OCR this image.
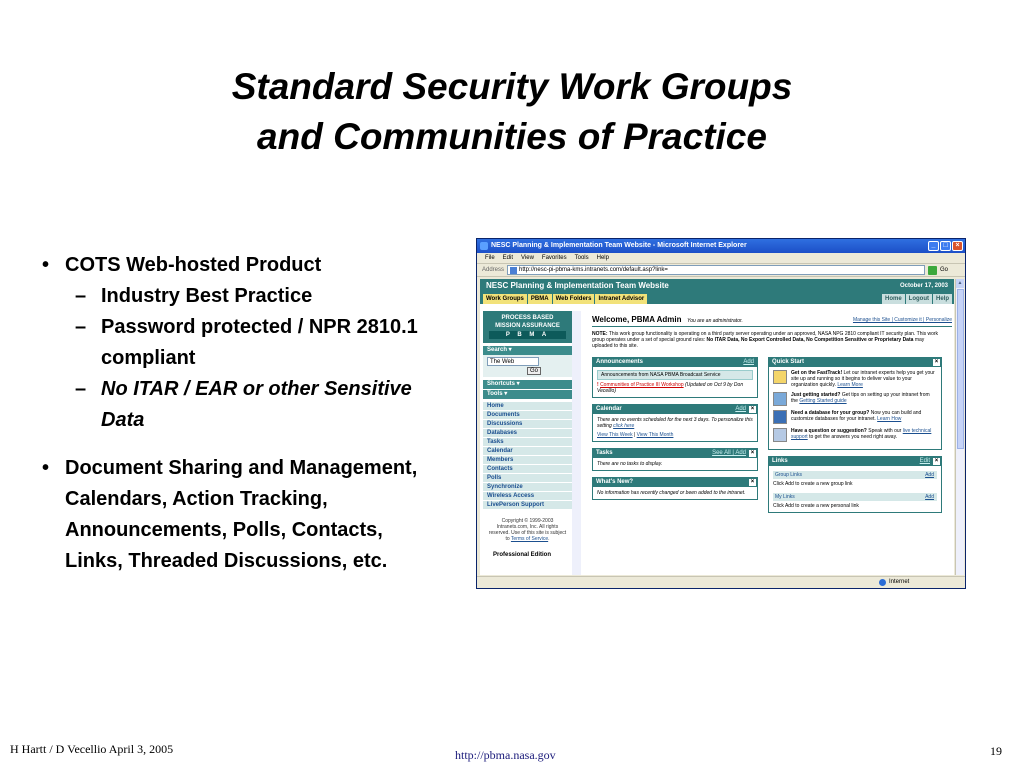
Standard Security Work Groups
and Communities of Practice
• COTS Web-hosted Product
– Industry Best Practice
– Password protected / NPR 2810.1 compliant
– No ITAR / EAR or other Sensitive Data
• Document Sharing and Management, Calendars, Action Tracking, Announcements, Polls, Contacts, Links, Threaded Discussions, etc.
NESC Planning & Implementation Team Website - Microsoft Internet Explorer	_	□	×
File Edit View Favorites Tools Help
Address	http://nesc-pi-pbma-kms.intranets.com/default.asp?link=	Go
NESC Planning & Implementation Team Website	October 17, 2003
Work Groups	PBMA	Web Folders	Intranet Advisor	Home	Logout	Help
PROCESS BASED
MISSION ASSURANCE
P B M A
Search ▾
The Web
Go
Shortcuts ▾
Tools ▾
Home
Documents
Discussions
Databases
Tasks
Calendar
Members
Contacts
Polls
Synchronize
Wireless Access
LivePerson Support
Copyright © 1999-2003
Intranets.com, Inc. All rights
reserved. Use of this site is subject
to Terms of Service.
Professional Edition
Welcome, PBMA Admin You are an administrator.	Manage this Site | Customize it | Personalize
NOTE: This work group functionality is operating on a third party server operating under an approved, NASA NPG 2810 compliant IT security plan. This work group operates under a set of special ground rules: No ITAR Data, No Export Controlled Data, No Competition Sensitive or Proprietary Data may uploaded to this site.
Announcements	Add
Announcements from NASA PBMA Broadcast Service
! Communities of Practice III Workshop (Updated on Oct 9 by Don Vecellio)
Calendar	Add ×
There are no events scheduled for the next 3 days. To personalize this setting click here
View This Week | View This Month
Tasks	See All | Add ×
There are no tasks to display.
What's New?	×
No information has recently changed or been added to the intranet.
Quick Start	×
Get on the FastTrack! Let our intranet experts help you get your site up and running so it begins to deliver value to your organization quickly. Learn More
Just getting started? Get tips on setting up your intranet from the Getting Started guide
Need a database for your group? Now you can build and customize databases for your intranet. Learn How
Have a question or suggestion? Speak with our live technical support to get the answers you need right away.
Links	Edit ×
Group Links	Add
Click Add to create a new group link
My Links	Add
Click Add to create a new personal link
▲
Internet
H Hartt / D Vecellio April 3, 2005	http://pbma.nasa.gov	19
